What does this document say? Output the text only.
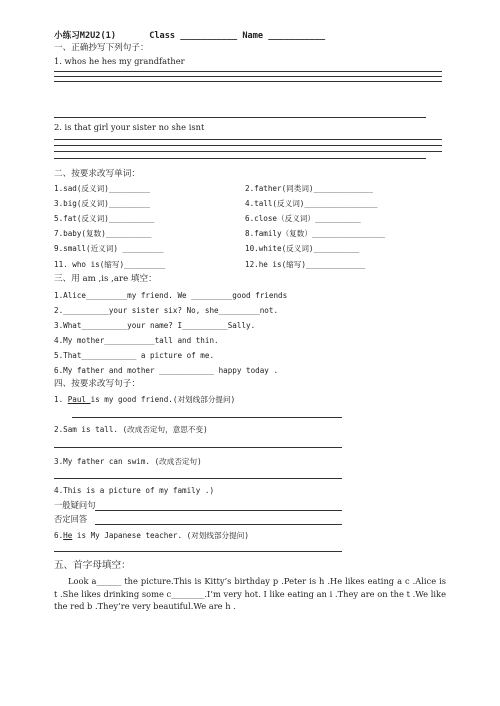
小练习M2U2(1)	Class ___________ Name ___________
一、正确抄写下列句子：
1. whos he hes my grandfather
2. is that girl your sister no she isnt
二、按要求改写单词：
1.sad(反义词)_________	2.father(同类词)_____________
3.big(反义词)_________	4.tall(反义词)________________
5.fat(反义词)__________	6.close（反义词）__________
7.baby(复数)__________	8.family（复数）________________
9.small(近义词) _________	10.white(反义词)__________
11. who is(缩写)_________	12.he is(缩写)_____________
三、用 am ,is ,are 填空：
1.Alice_________my friend. We _________good friends
2.__________your sister six? No, she_________not.
3.What__________your name? I__________Sally.
4.My mother___________tall and thin.
5.That____________ a picture of me.
6.My father and mother ____________ happy today .
四、按要求改写句子：
1. Paul is my good friend.(对划线部分提问)
2.Sam is tall. (改成否定句，意思不变)
3.My father can swim. (改成否定句)
4.This is a picture of my family .)
一般疑问句
否定回答
6.He is My Japanese teacher. (对划线部分提问)
五、首字母填空：
Look a______ the picture.This is Kitty’s birthday p .Peter is h .He likes eating a c .Alice is t .She likes drinking some c________.I’m very hot. I like eating an i .They are on the t .We like the red b .They’re very beautiful.We are h .
